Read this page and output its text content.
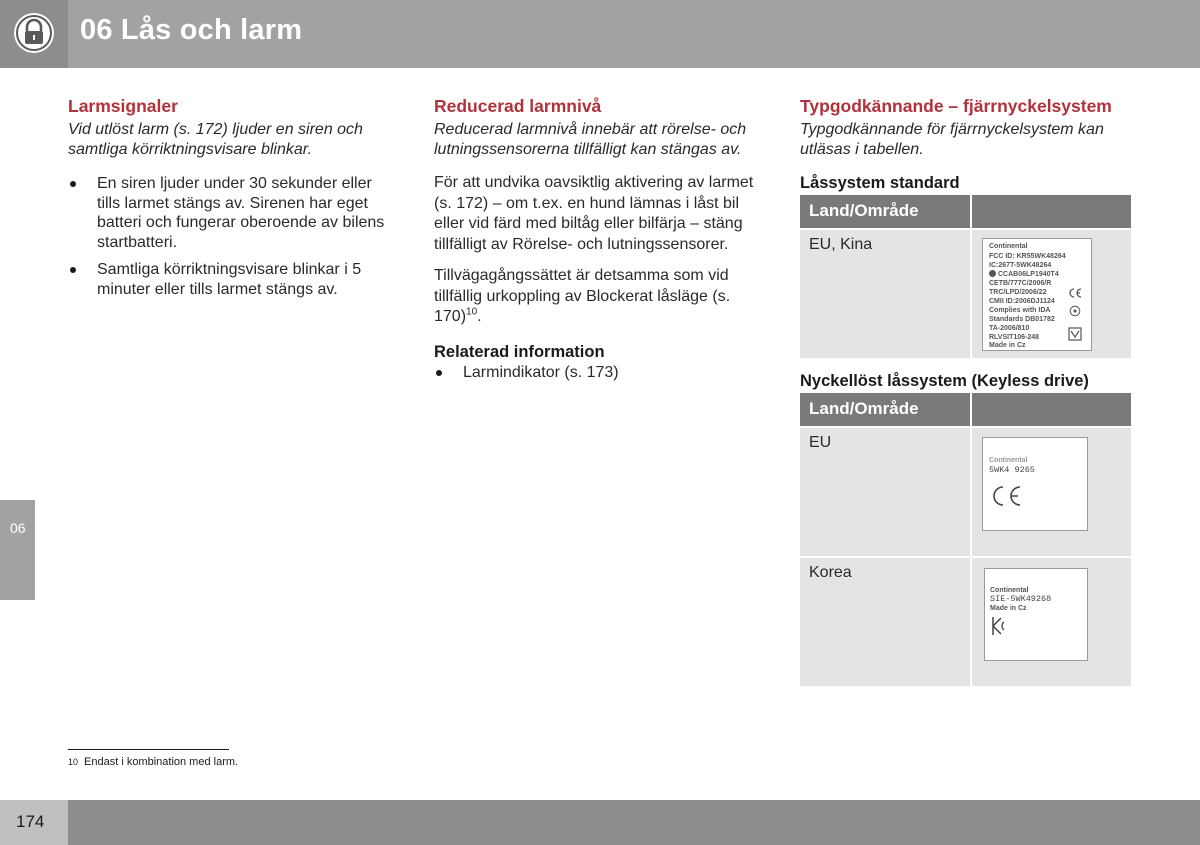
06 Lås och larm
06
Larmsignaler
Vid utlöst larm (s. 172) ljuder en siren och samtliga körriktningsvisare blinkar.
En siren ljuder under 30 sekunder eller tills larmet stängs av. Sirenen har eget batteri och fungerar oberoende av bilens startbatteri.
Samtliga körriktningsvisare blinkar i 5 minuter eller tills larmet stängs av.
Reducerad larmnivå
Reducerad larmnivå innebär att rörelse- och lutningssensorerna tillfälligt kan stängas av.
För att undvika oavsiktlig aktivering av larmet (s. 172) – om t.ex. en hund lämnas i låst bil eller vid färd med biltåg eller bilfärja – stäng tillfälligt av Rörelse- och lutningssensorer.
Tillvägagångssättet är detsamma som vid tillfällig urkoppling av Blockerat låsläge (s. 170)$^{10}$.
Relaterad information
Larmindikator (s. 173)
Typgodkännande – fjärrnyckelsystem
Typgodkännande för fjärrnyckelsystem kan utläsas i tabellen.
Låssystem standard
Land/Område
EU, Kina	Continental
FCC ID: KR55WK48264
IC:267T-5WK48264
CCAB06LP1940T4
CETB/777C/2006/R
TRC/LPD/2006/22
CMII ID:2006DJ1124
Complies with IDA
Standards DB01782
TA-2006/810
RLVSIT106-248
Made in Cz
Nyckellöst låssystem (Keyless drive)
Land/Område
EU
Continental
5WK4 9265
Korea
Continental
SIE-5WK49268
Made in Cz
10 Endast i kombination med larm.
174
